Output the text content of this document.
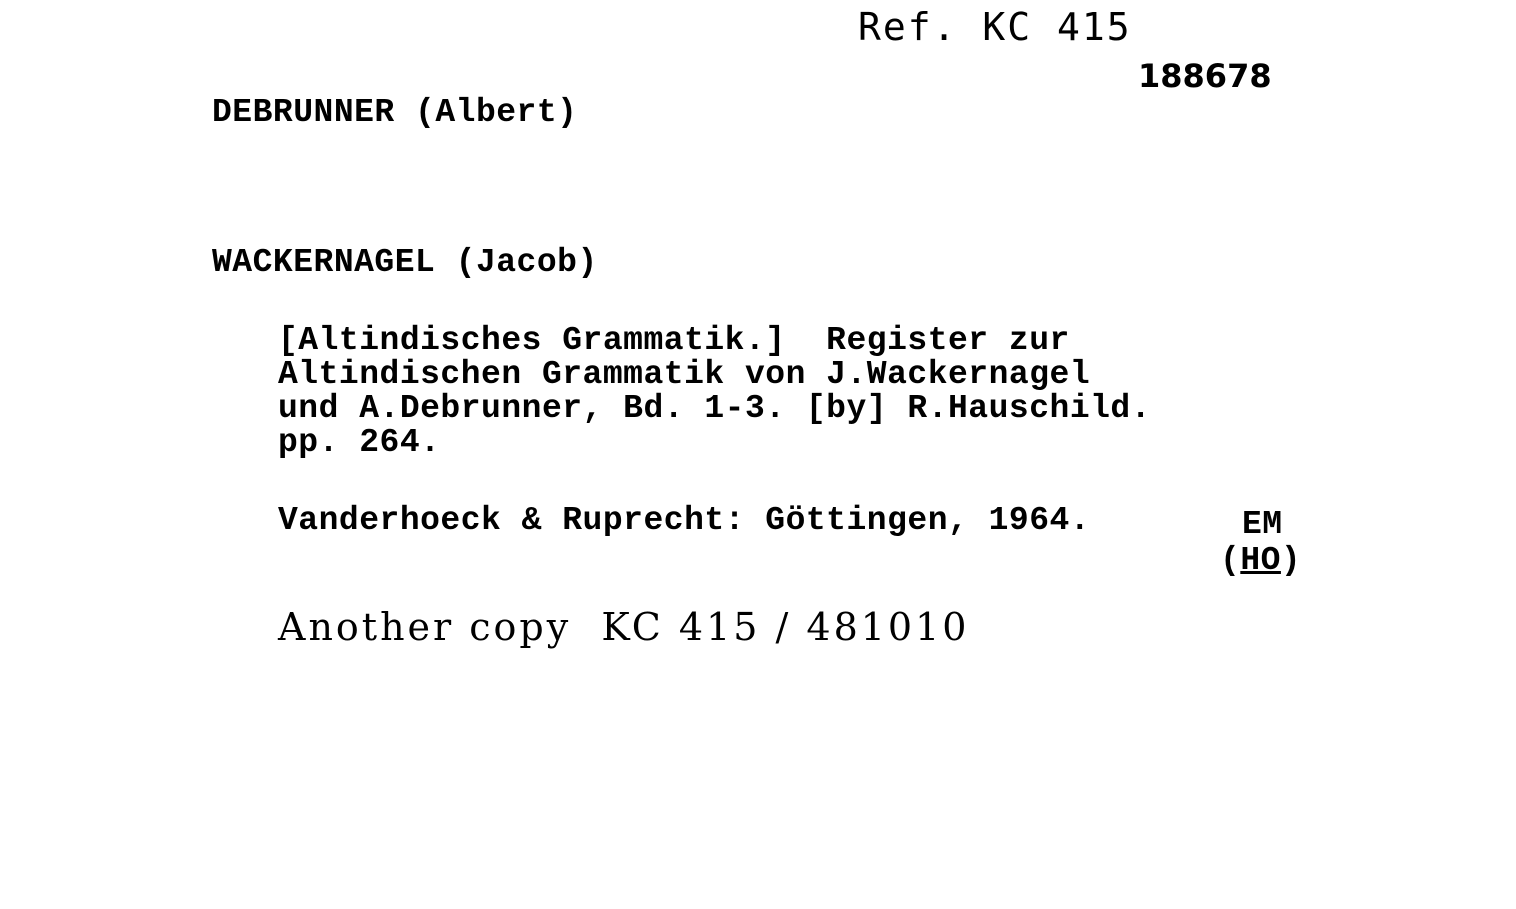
Ref. KC 415
188678
DEBRUNNER (Albert)
WACKERNAGEL (Jacob)
[Altindisches Grammatik.]  Register zur
Altindischen Grammatik von J.Wackernagel
und A.Debrunner, Bd. 1-3. [by] R.Hauschild.
pp. 264.
Vanderhoeck & Ruprecht: Göttingen, 1964.	EM
(HO)
Another copy  KC 415 / 481010
